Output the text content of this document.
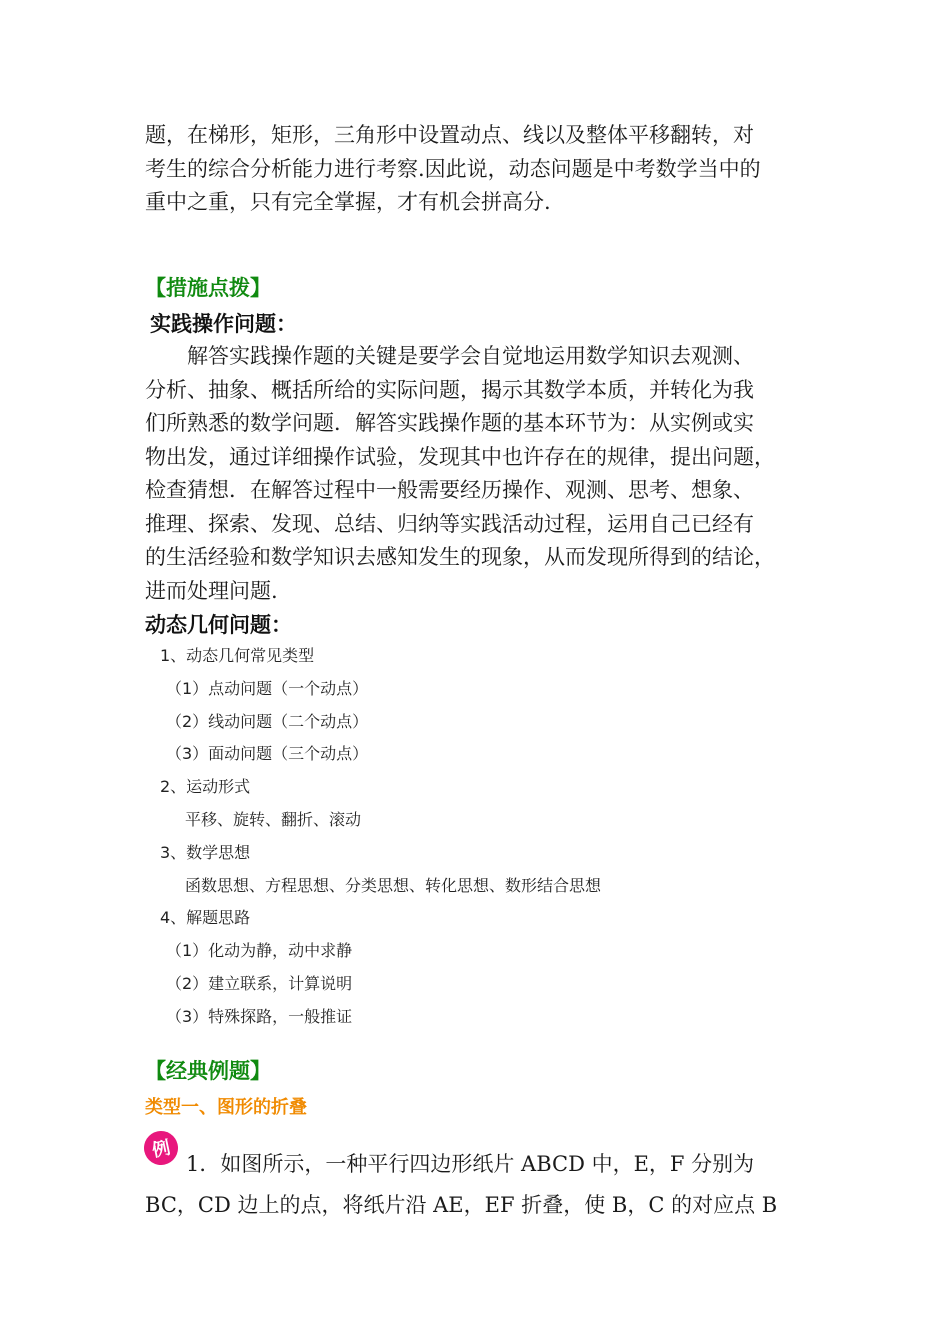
题，在梯形，矩形，三角形中设置动点、线以及整体平移翻转，对

考生的综合分析能力进行考察.因此说，动态问题是中考数学当中的

重中之重，只有完全掌握，才有机会拼高分.

【措施点拨】
实践操作问题：

解答实践操作题的关键是要学会自觉地运用数学知识去观测、

分析、抽象、概括所给的实际问题，揭示其数学本质，并转化为我

们所熟悉的数学问题．解答实践操作题的基本环节为：从实例或实

物出发，通过详细操作试验，发现其中也许存在的规律，提出问题，

检查猜想．在解答过程中一般需要经历操作、观测、思考、想象、

推理、探索、发现、总结、归纳等实践活动过程，运用自己已经有

的生活经验和数学知识去感知发生的现象，从而发现所得到的结论，

进而处理问题.

动态几何问题：
1、动态几何常见类型
（1）点动问题（一个动点）
（2）线动问题（二个动点）
（3）面动问题（三个动点）
2、运动形式
平移、旋转、翻折、滚动
3、数学思想
函数思想、方程思想、分类思想、转化思想、数形结合思想
4、解题思路
（1）化动为静，动中求静
（2）建立联系，计算说明
（3）特殊探路，一般推证
【经典例题】
类型一、图形的折叠
例
1．如图所示，一种平行四边形纸片 ABCD 中，E，F 分别为
BC，CD 边上的点，将纸片沿 AE，EF 折叠，使 B，C 的对应点 B
